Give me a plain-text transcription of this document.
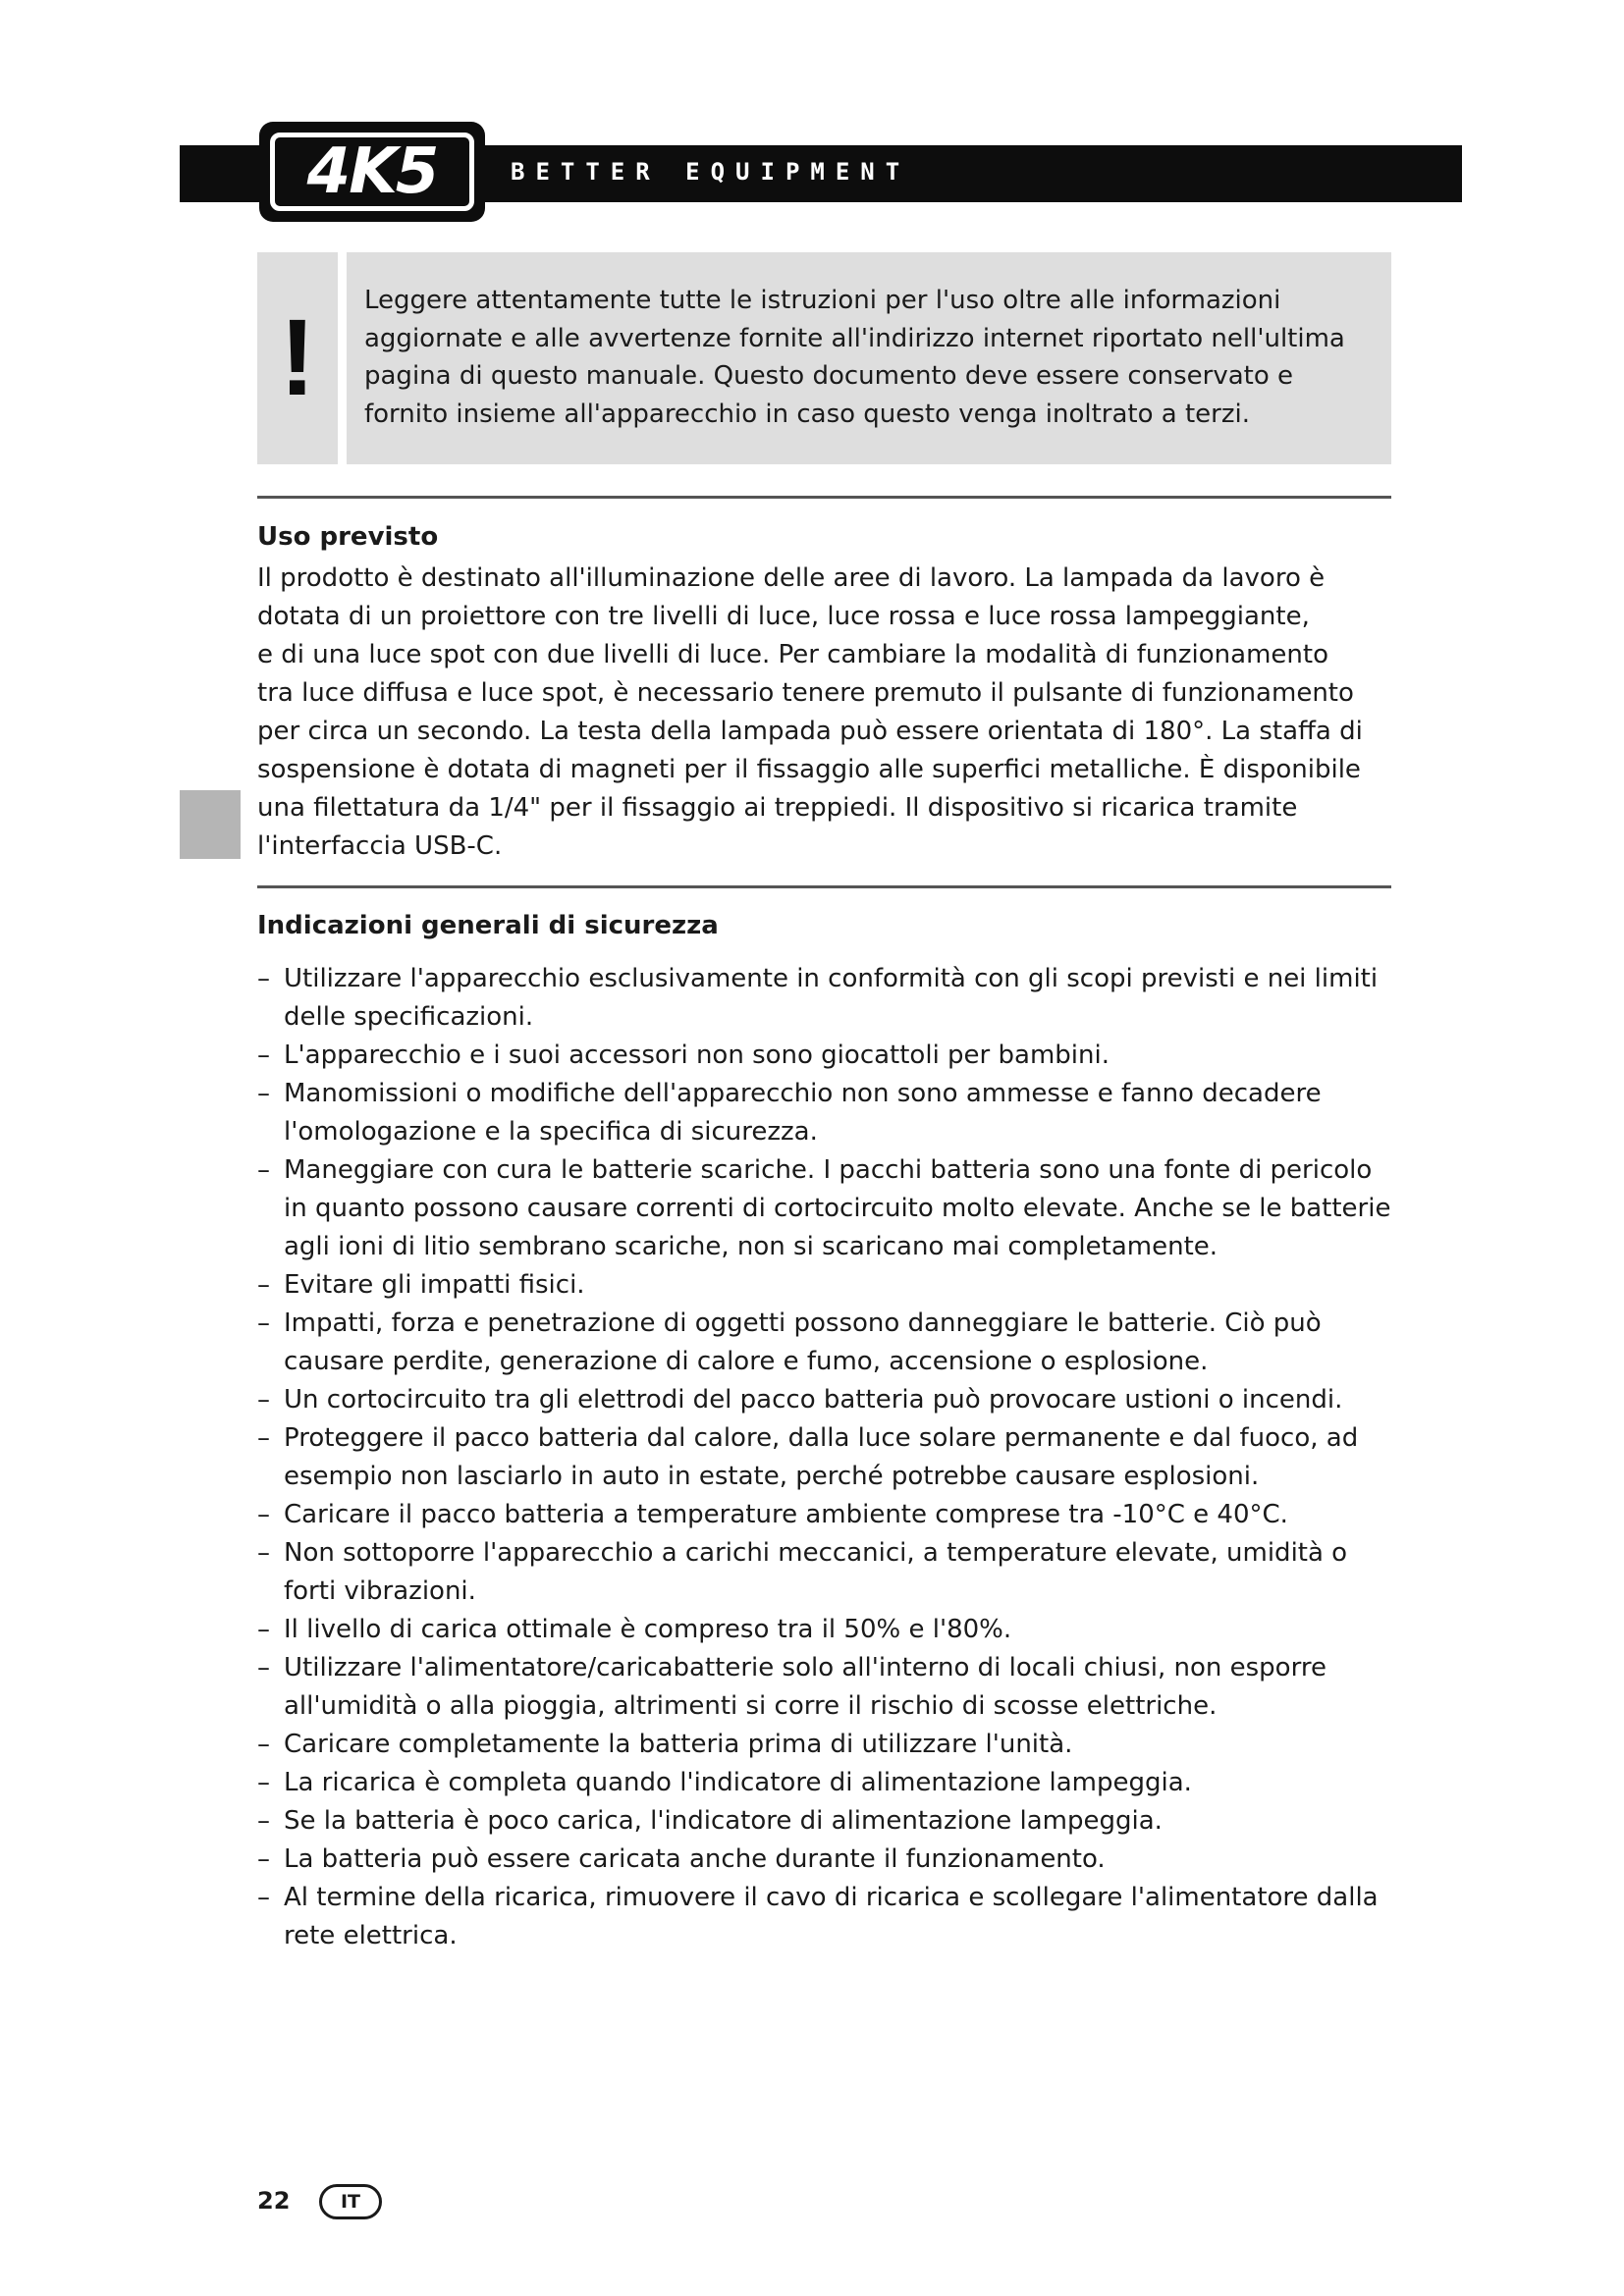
4K5	BETTER EQUIPMENT
! Leggere attentamente tutte le istruzioni per l'uso oltre alle informazioni aggiornate e alle avvertenze fornite all'indirizzo internet riportato nell'ultima pagina di questo manuale. Questo documento deve essere conservato e fornito insieme all'apparecchio in caso questo venga inoltrato a terzi.
Uso previsto
Il prodotto è destinato all'illuminazione delle aree di lavoro. La lampada da lavoro è
dotata di un proiettore con tre livelli di luce, luce rossa e luce rossa lampeggiante,
e di una luce spot con due livelli di luce. Per cambiare la modalità di funzionamento
tra luce diffusa e luce spot, è necessario tenere premuto il pulsante di funzionamento
per circa un secondo. La testa della lampada può essere orientata di 180°. La staffa di
sospensione è dotata di magneti per il fissaggio alle superfici metalliche. È disponibile
una filettatura da 1/4" per il fissaggio ai treppiedi. Il dispositivo si ricarica tramite
l'interfaccia USB-C.
Indicazioni generali di sicurezza
– Utilizzare l'apparecchio esclusivamente in conformità con gli scopi previsti e nei limiti delle specificazioni.
– L'apparecchio e i suoi accessori non sono giocattoli per bambini.
– Manomissioni o modifiche dell'apparecchio non sono ammesse e fanno decadere l'omologazione e la specifica di sicurezza.
– Maneggiare con cura le batterie scariche. I pacchi batteria sono una fonte di pericolo in quanto possono causare correnti di cortocircuito molto elevate. Anche se le batterie agli ioni di litio sembrano scariche, non si scaricano mai completamente.
– Evitare gli impatti fisici.
– Impatti, forza e penetrazione di oggetti possono danneggiare le batterie. Ciò può causare perdite, generazione di calore e fumo, accensione o esplosione.
– Un cortocircuito tra gli elettrodi del pacco batteria può provocare ustioni o incendi.
– Proteggere il pacco batteria dal calore, dalla luce solare permanente e dal fuoco, ad esempio non lasciarlo in auto in estate, perché potrebbe causare esplosioni.
– Caricare il pacco batteria a temperature ambiente comprese tra -10°C e 40°C.
– Non sottoporre l'apparecchio a carichi meccanici, a temperature elevate, umidità o forti vibrazioni.
– Il livello di carica ottimale è compreso tra il 50% e l'80%.
– Utilizzare l'alimentatore/caricabatterie solo all'interno di locali chiusi, non esporre all'umidità o alla pioggia, altrimenti si corre il rischio di scosse elettriche.
– Caricare completamente la batteria prima di utilizzare l'unità.
– La ricarica è completa quando l'indicatore di alimentazione lampeggia.
– Se la batteria è poco carica, l'indicatore di alimentazione lampeggia.
– La batteria può essere caricata anche durante il funzionamento.
– Al termine della ricarica, rimuovere il cavo di ricarica e scollegare l'alimentatore dalla rete elettrica.
22	IT
